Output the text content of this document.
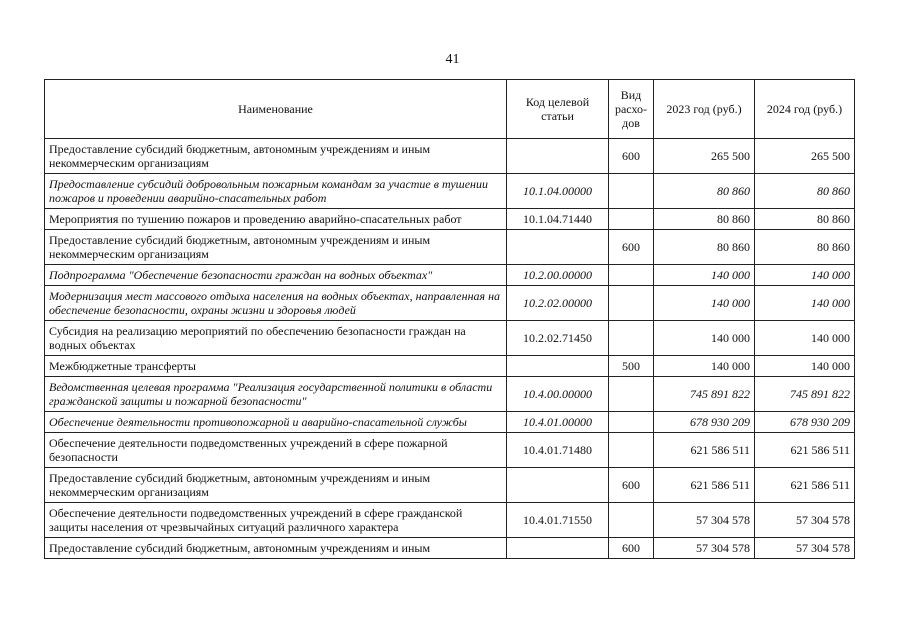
41
Наименование	Код целевой статьи	Вид расхо-дов	2023 год (руб.)	2024 год (руб.)
Предоставление субсидий бюджетным, автономным учреждениям и иным некоммерческим организациям		600	265 500	265 500
Предоставление субсидий добровольным пожарным командам за участие в тушении пожаров и проведении аварийно-спасательных работ	10.1.04.00000		80 860	80 860
Мероприятия по тушению пожаров и проведению аварийно-спасательных работ	10.1.04.71440		80 860	80 860
Предоставление субсидий бюджетным, автономным учреждениям и иным некоммерческим организациям		600	80 860	80 860
Подпрограмма "Обеспечение безопасности граждан на водных объектах"	10.2.00.00000		140 000	140 000
Модернизация мест массового отдыха населения на водных объектах, направленная на обеспечение безопасности, охраны жизни и здоровья людей	10.2.02.00000		140 000	140 000
Субсидия на реализацию мероприятий по обеспечению безопасности граждан на водных объектах	10.2.02.71450		140 000	140 000
Межбюджетные трансферты		500	140 000	140 000
Ведомственная целевая программа "Реализация государственной политики в области гражданской защиты и пожарной безопасности"	10.4.00.00000		745 891 822	745 891 822
Обеспечение деятельности противопожарной и аварийно-спасательной службы	10.4.01.00000		678 930 209	678 930 209
Обеспечение деятельности подведомственных учреждений в сфере пожарной безопасности	10.4.01.71480		621 586 511	621 586 511
Предоставление субсидий бюджетным, автономным учреждениям и иным некоммерческим организациям		600	621 586 511	621 586 511
Обеспечение деятельности подведомственных учреждений в сфере гражданской защиты населения от чрезвычайных ситуаций различного характера	10.4.01.71550		57 304 578	57 304 578
Предоставление субсидий бюджетным, автономным учреждениям и иным		600	57 304 578	57 304 578
